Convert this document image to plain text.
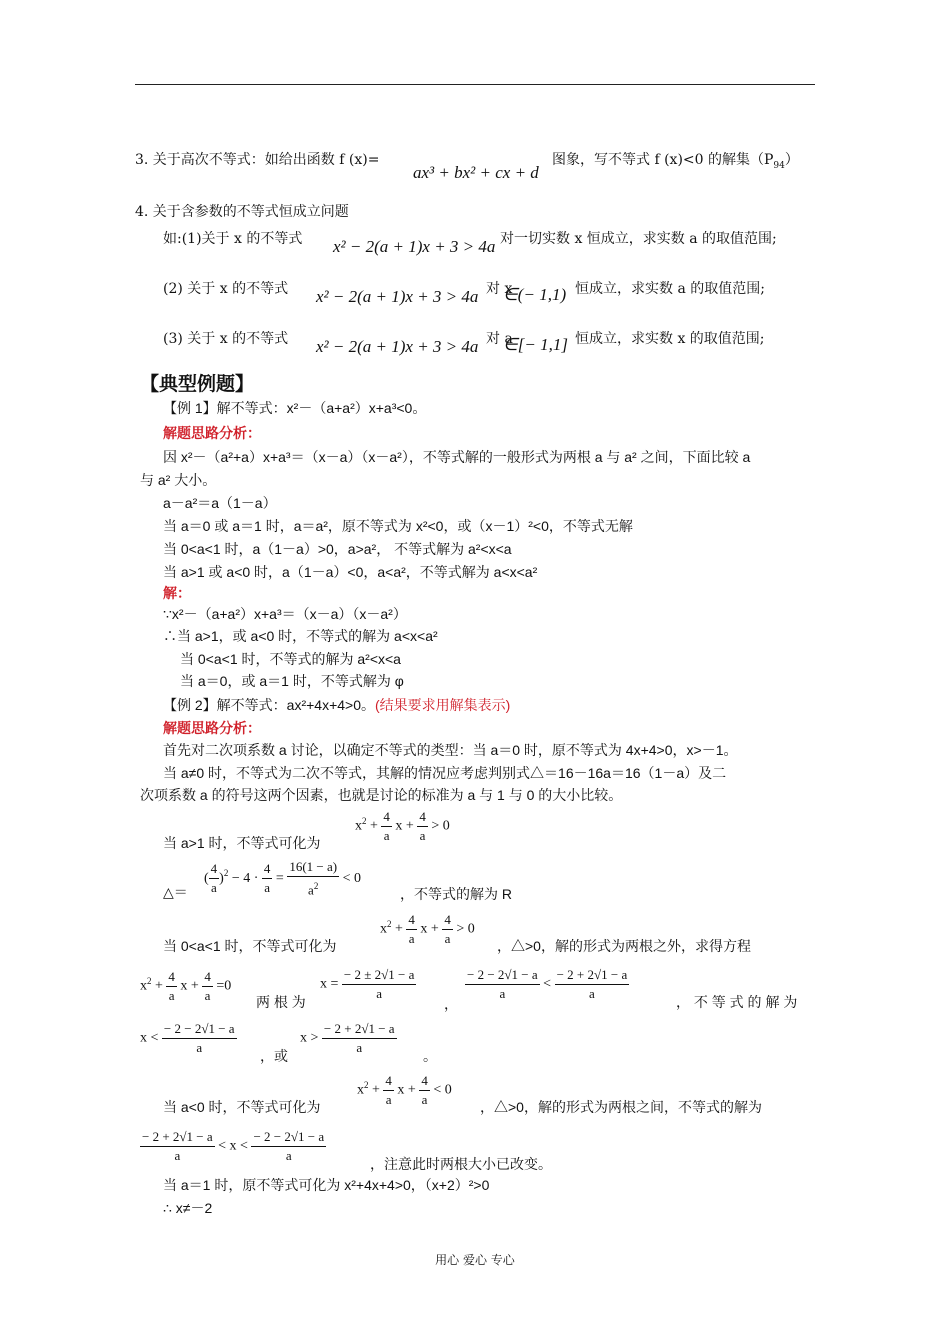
3. 关于高次不等式：如给出函数 f (x)=
ax³ + bx² + cx + d
图象，写不等式 f (x)<0 的解集$(P_{94})$
4. 关于含参数的不等式恒成立问题
如:(1)关于 x 的不等式 x² − 2(a + 1)x + 3 > 4a 对一切实数 x 恒成立，求实数 a 的取值范围;
(2) 关于 x 的不等式 x² − 2(a + 1)x + 3 > 4a 对 x
∈(− 1,1) 恒成立，求实数 a 的取值范围;
(3) 关于 x 的不等式 x² − 2(a + 1)x + 3 > 4a 对 a
∈[− 1,1] 恒成立，求实数 x 的取值范围;
【典型例题】
【例 1】解不等式：x²－（a+a²）x+a³<0。
解题思路分析：
因 x²－（a²+a）x+a³＝（x－a）（x－a²），不等式解的一般形式为两根 a 与 a² 之间，下面比较 a
与 a² 大小。
a－a²＝a（1－a）
当 a＝0 或 a＝1 时，a＝a²，原不等式为 x²<0，或（x－1）²<0，不等式无解
当 0<a<1 时，a（1－a）>0，a>a²， 不等式解为 a²<x<a
当 a>1 或 a<0 时，a（1－a）<0，a<a²，不等式解为 a<x<a²
解：
∵x²－（a+a²）x+a³＝（x－a）（x－a²）
∴当 a>1，或 a<0 时，不等式的解为 a<x<a²
当 0<a<1 时，不等式的解为 a²<x<a
当 a＝0，或 a＝1 时，不等式解为 φ
【例 2】解不等式：ax²+4x+4>0。(结果要求用解集表示)
解题思路分析：
首先对二次项系数 a 讨论，以确定不等式的类型：当 a＝0 时，原不等式为 4x+4>0，x>－1。
当 a≠0 时，不等式为二次不等式，其解的情况应考虑判别式△＝16－16a＝16（1－a）及二
次项系数 a 的符号这两个因素，也就是讨论的标准为 a 与 1 与 0 的大小比较。
$x^2 + \frac{4}{a}$ $x + \frac{4}{a} > 0$
当 a>1 时，不等式可化为
△＝
( $\frac{4}{a} )^2 - 4 \cdot \frac{4}{a} = \frac{16(1 - a)}{a^2} < 0$
，不等式的解为 R
$x^2 + \frac{4}{a}$ $x + \frac{4}{a} > 0$
当 0<a<1 时，不等式可化为	，△>0，解的形式为两根之外，求得方程
$x^2 + \frac{4}{a}$ $x + \frac{4}{a} =0$
两 根 为
$x = \frac{- 2 \pm 2√1 - a}{a}$
，
$\frac{- 2 - 2√1 - a}{a} < \frac{- 2 + 2√1 - a}{a}$	， 不 等 式 的 解 为
$x < \frac{- 2 - 2√1 - a}{a}$ ，或
$x > \frac{- 2 + 2√1 - a}{a}$ 。
$x^2 + \frac{4}{a}$ $x + \frac{4}{a} < 0$
当 a<0 时，不等式可化为	，△>0，解的形式为两根之间，不等式的解为
$\frac{- 2 + 2√1 - a}{a} < x < \frac{- 2 - 2√1 - a}{a}$	，注意此时两根大小已改变。
当 a＝1 时，原不等式可化为 x²+4x+4>0，（x+2）²>0
∴ x≠－2
用心 爱心 专心
